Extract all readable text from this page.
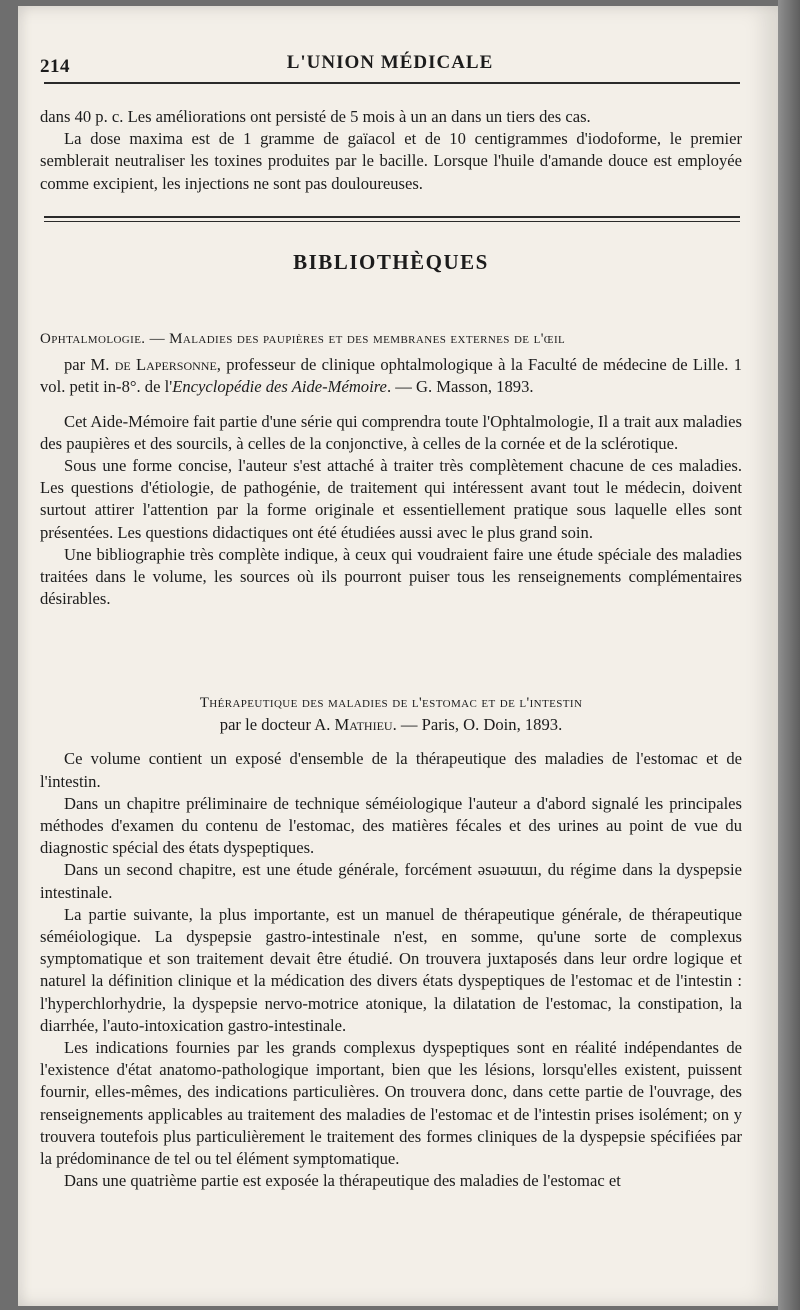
214	L'UNION MÉDICALE

dans 40 p. c. Les améliorations ont persisté de 5 mois à un an dans un tiers des cas.

La dose maxima est de 1 gramme de gaïacol et de 10 centigrammes d'iodoforme, le premier semblerait neutraliser les toxines produites par le bacille. Lorsque l'huile d'amande douce est employée comme excipient, les injections ne sont pas douloureuses.

BIBLIOTHÈQUES

Ophtalmologie. — Maladies des paupières et des membranes externes de l'œil

par M. de Lapersonne, professeur de clinique ophtalmologique à la Faculté de médecine de Lille. 1 vol. petit in-8°. de l'Encyclopédie des Aide-Mémoire. — G. Masson, 1893.

Cet Aide-Mémoire fait partie d'une série qui comprendra toute l'Ophtalmologie, Il a trait aux maladies des paupières et des sourcils, à celles de la conjonctive, à celles de la cornée et de la sclérotique.

Sous une forme concise, l'auteur s'est attaché à traiter très complètement chacune de ces maladies. Les questions d'étiologie, de pathogénie, de traitement qui intéressent avant tout le médecin, doivent surtout attirer l'attention par la forme originale et essentiellement pratique sous laquelle elles sont présentées. Les questions didactiques ont été étudiées aussi avec le plus grand soin.

Une bibliographie très complète indique, à ceux qui voudraient faire une étude spéciale des maladies traitées dans le volume, les sources où ils pourront puiser tous les renseignements complémentaires désirables.

Thérapeutique des maladies de l'estomac et de l'intestin

par le docteur A. Mathieu. — Paris, O. Doin, 1893.

Ce volume contient un exposé d'ensemble de la thérapeutique des maladies de l'estomac et de l'intestin.

Dans un chapitre préliminaire de technique séméiologique l'auteur a d'abord signalé les principales méthodes d'examen du contenu de l'estomac, des matières fécales et des urines au point de vue du diagnostic spécial des états dyspeptiques.

Dans un second chapitre, est une étude générale, forcément ǝsuǝɯɯı, du régime dans la dyspepsie intestinale.

La partie suivante, la plus importante, est un manuel de thérapeutique générale, de thérapeutique séméiologique. La dyspepsie gastro-intestinale n'est, en somme, qu'une sorte de complexus symptomatique et son traitement devait être étudié. On trouvera juxtaposés dans leur ordre logique et naturel la définition clinique et la médication des divers états dyspeptiques de l'estomac et de l'intestin : l'hyperchlorhydrie, la dyspepsie nervo-motrice atonique, la dilatation de l'estomac, la constipation, la diarrhée, l'auto-intoxication gastro-intestinale.

Les indications fournies par les grands complexus dyspeptiques sont en réalité indépendantes de l'existence d'état anatomo-pathologique important, bien que les lésions, lorsqu'elles existent, puissent fournir, elles-mêmes, des indications particulières. On trouvera donc, dans cette partie de l'ouvrage, des renseignements applicables au traitement des maladies de l'estomac et de l'intestin prises isolément; on y trouvera toutefois plus particulièrement le traitement des formes cliniques de la dyspepsie spécifiées par la prédominance de tel ou tel élément symptomatique.

Dans une quatrième partie est exposée la thérapeutique des maladies de l'estomac et
